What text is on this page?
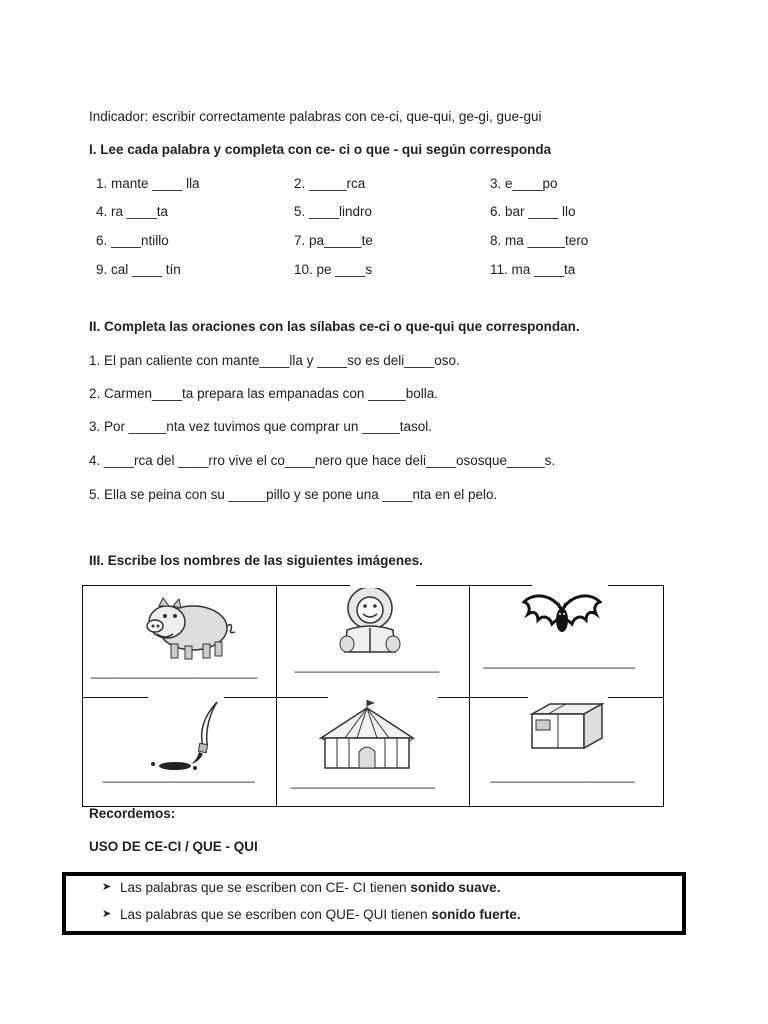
Indicador: escribir correctamente palabras con ce-ci, que-qui, ge-gi, gue-gui
I. Lee cada palabra y completa con ce- ci o que - qui según corresponda
1. mante ____ lla	2. _____rca	3. e____po
4. ra ____ta	5. ____lindro	6. bar ____ llo
6. ____ntillo	7. pa_____te	8. ma _____tero
9. cal ____ tín	10. pe ____s	11. ma ____ta
II. Completa las oraciones con las sílabas ce-ci o que-qui que correspondan.
1. El pan caliente con mante____lla y ____so es deli____oso.
2. Carmen____ta prepara las empanadas con _____bolla.
3. Por _____nta vez tuvimos que comprar un _____tasol.
4. ____rca del ____rro vive el co____nero que hace deli____ososque_____s.
5. Ella se peina con su _____pillo y se pone una ____nta en el pelo.
III. Escribe los nombres de las siguientes imágenes.
_______________________	____________________	_____________________

_____________________	____________________	____________________
Recordemos:
USO DE CE-CI / QUE - QUI
➤ Las palabras que se escriben con CE- CI tienen sonido suave.
➤ Las palabras que se escriben con QUE- QUI tienen sonido fuerte.
